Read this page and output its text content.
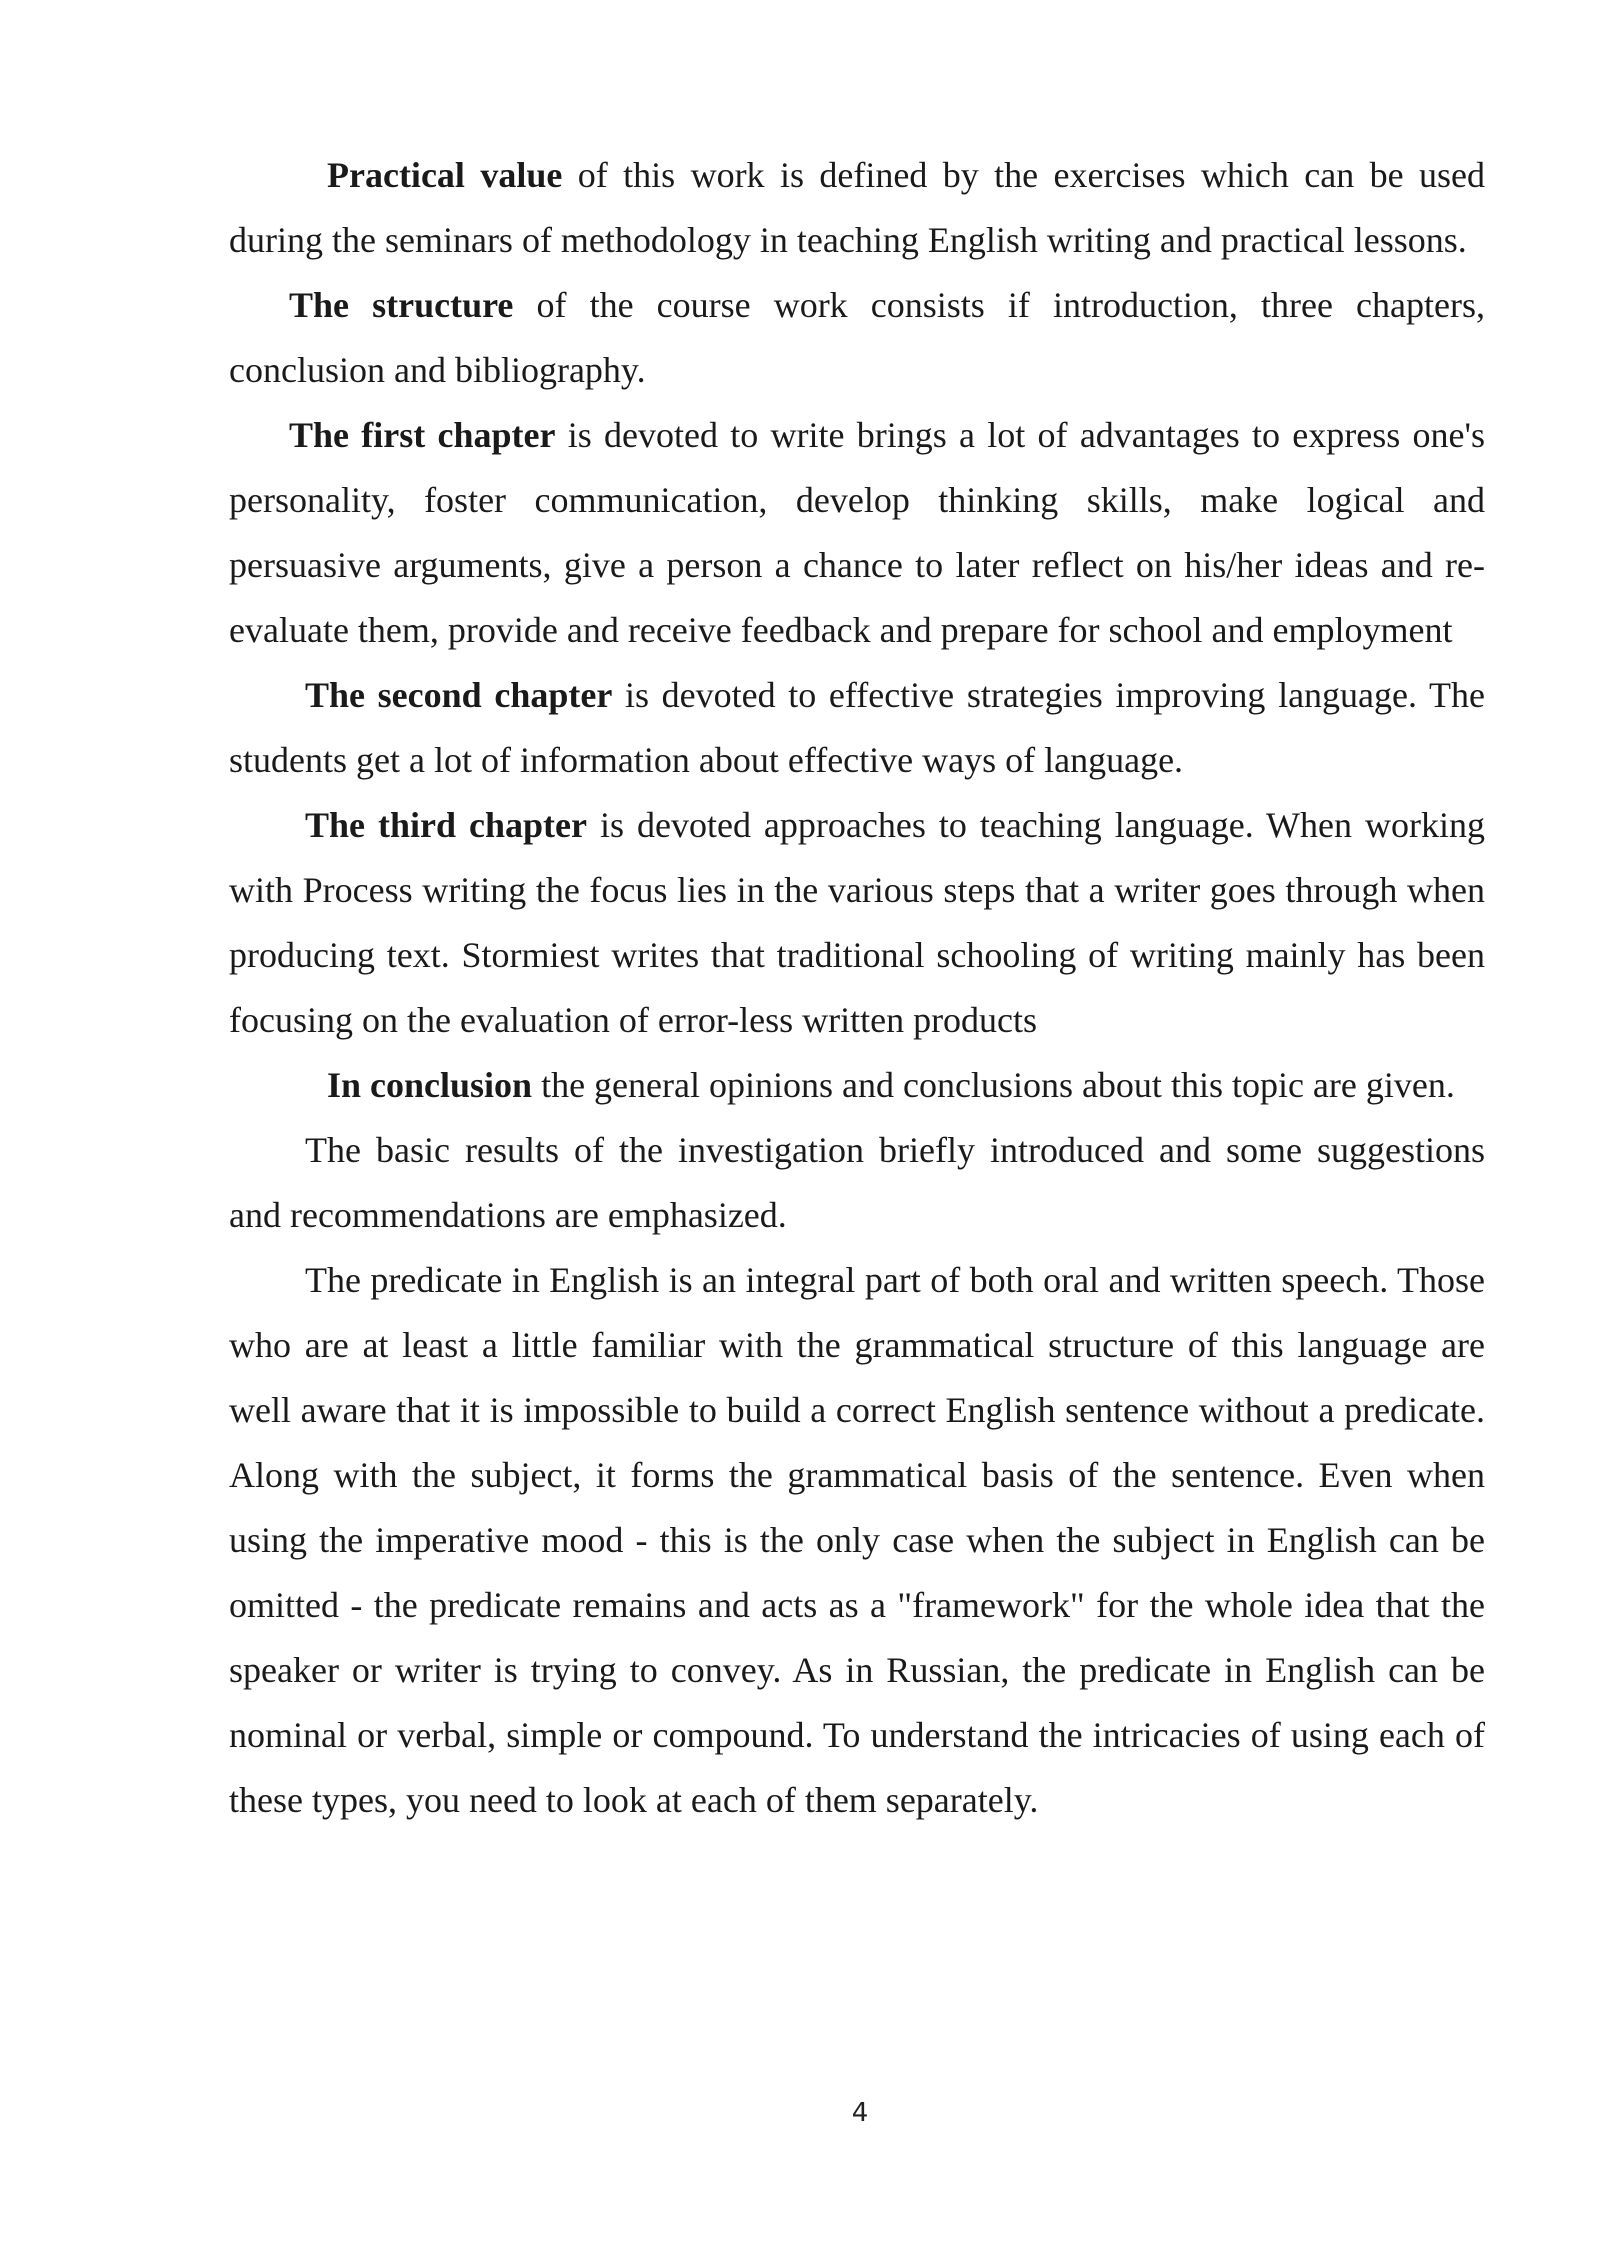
Practical value of this work is defined by the exercises which can be used during the seminars of methodology in teaching English writing and practical lessons.

The structure of the course work consists if introduction, three chapters, conclusion and bibliography.

The first chapter is devoted to write brings a lot of advantages to express one's personality, foster communication, develop thinking skills, make logical and persuasive arguments, give a person a chance to later reflect on his/her ideas and re-evaluate them, provide and receive feedback and prepare for school and employment

The second chapter is devoted to effective strategies improving language. The students get a lot of information about effective ways of language.

The third chapter is devoted approaches to teaching language. When working with Process writing the focus lies in the various steps that a writer goes through when producing text. Stormiest writes that traditional schooling of writing mainly has been focusing on the evaluation of error-less written products

In conclusion the general opinions and conclusions about this topic are given.

The basic results of the investigation briefly introduced and some suggestions and recommendations are emphasized.

The predicate in English is an integral part of both oral and written speech. Those who are at least a little familiar with the grammatical structure of this language are well aware that it is impossible to build a correct English sentence without a predicate. Along with the subject, it forms the grammatical basis of the sentence. Even when using the imperative mood - this is the only case when the subject in English can be omitted - the predicate remains and acts as a "framework" for the whole idea that the speaker or writer is trying to convey. As in Russian, the predicate in English can be nominal or verbal, simple or compound. To understand the intricacies of using each of these types, you need to look at each of them separately.

4
